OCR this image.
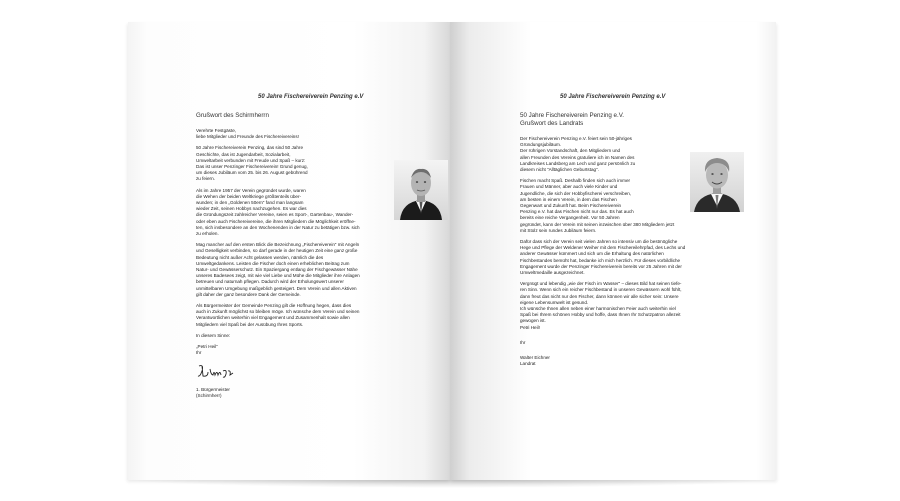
50 Jahre Fischereiverein Penzing e.V
Grußwort des Schirmherrn
Verehrte Festgäste,
liebe Mitglieder und Freunde des Fischereivereins!
50 Jahre Fischereiverein Penzing, das sind 50 Jahre
Geschichte, das ist Jugendarbeit, Sozialarbeit,
Umweltarbeit verbunden mit Freude und Spaß – kurz:
Das ist unser Penzinger Fischereiverein! Grund genug,
um dieses Jubiläum vom 25. bis 26. August gebührend
zu feiern.
Als im Jahre 1957 der Verein gegründet wurde, waren
die Wehen der beiden Weltkriege größtenteils über-
wunden; in den „Goldenen 50ern“ fand man langsam
wieder Zeit, seinen Hobbys nachzugehen. Es war dies
die Gründungszeit zahlreicher Vereine, seien es Sport-, Gartenbau-, Wander-
oder eben auch Fischereivereine, die ihren Mitgliedern die Möglichkeit eröffne-
ten, sich insbesondere an den Wochenenden in der Natur zu betätigen bzw. sich
zu erholen.
Mag mancher auf den ersten Blick die Bezeichnung „Fischereiverein“ mit Angeln
und Geselligkeit verbinden, so darf gerade in der heutigen Zeit eine ganz große
Bedeutung nicht außer Acht gelassen werden, nämlich die des
Umweltgedankens. Leisten die Fischer doch einen erheblichen Beitrag zum
Natur- und Gewässerschutz. Ein Spaziergang entlang der Fischgewässer Nähe
unseres Badesees zeigt, mit wie viel Liebe und Mühe die Mitglieder ihre Anlagen
betreuen und naturnah pflegen. Dadurch wird der Erholungswert unserer
unmittelbaren Umgebung maßgeblich gesteigert. Dem Verein und allen Aktiven
gilt daher der ganz besondere Dank der Gemeinde.
Als Bürgermeister der Gemeinde Penzing gilt die Hoffnung hegen, dass dies
auch in Zukunft möglichst so bleiben möge. Ich wünsche dem Verein und seinen
Verantwortlichen weiterhin viel Engagement und Zusammenhalt sowie allen
Mitgliedern viel Spaß bei der Ausübung Ihres Sports.
In diesem Sinne:
„Petri Heil“
Ihr
1. Bürgermeister
(Schirmherr)
50 Jahre Fischereiverein Penzing e.V
50 Jahre Fischereiverein Penzing e.V.
Grußwort des Landrats
Der Fischereiverein Penzing e.V. feiert sein 50-jähriges
Gründungsjubiläum.
Der rührigen Vorstandschaft, den Mitgliedern und
allen Freunden des Vereins gratuliere ich im Namen des
Landkreises Landsberg am Lech und ganz persönlich zu
diesem nicht “Alltäglichen Geburtstag”.
Fischen macht Spaß. Deshalb finden sich auch immer
Frauen und Männer, aber auch viele Kinder und
Jugendliche, die sich der Hobbyfischerei verschreiben,
am besten in einem Verein, in dem das Fischen
Gegenwart und Zukunft hat. Beim Fischereiverein
Penzing e.V. hat das Fischen nicht nur das. Es hat auch
bereits eine reiche Vergangenheit. Vor 50 Jahren
gegründet, kann der Verein mit seinen inzwischen über 380 Mitgliedern jetzt
mit Stolz sein rundes Jubiläum feiern.
Dafür dass sich der Verein seit vielen Jahren so intensiv um die bestmögliche
Hege und Pflege der Weldener Weiher mit dem Fischereilehrpfad, des Lechs und
anderer Gewässer kümmert und sich um die Erhaltung des natürlichen
Fischbestandes bemüht hat, bedanke ich mich herzlich. Für dieses vorbildliche
Engagement wurde der Penzinger Fischereiverein bereits vor 25 Jahren mit der
Umweltmedaille ausgezeichnet.
Vergnügt und lebendig „wie der Fisch im Wasser“ – dieses Bild hat seinen tiefe-
ren Sinn. Wenn sich ein reicher Fischbestand in unseren Gewässern wohl fühlt,
dann freut das nicht nur den Fischer, dann können wir alle sicher sein: Unsere
eigene Lebensumwelt ist gesund.
Ich wünsche Ihnen allen neben einer harmonischen Feier auch weiterhin viel
Spaß bei Ihrem schönen Hobby und hoffe, dass Ihnen Ihr Schutzpatron allezeit
gewogen ist.
Petri Heil!
Ihr
Walter Eichner
Landrat
